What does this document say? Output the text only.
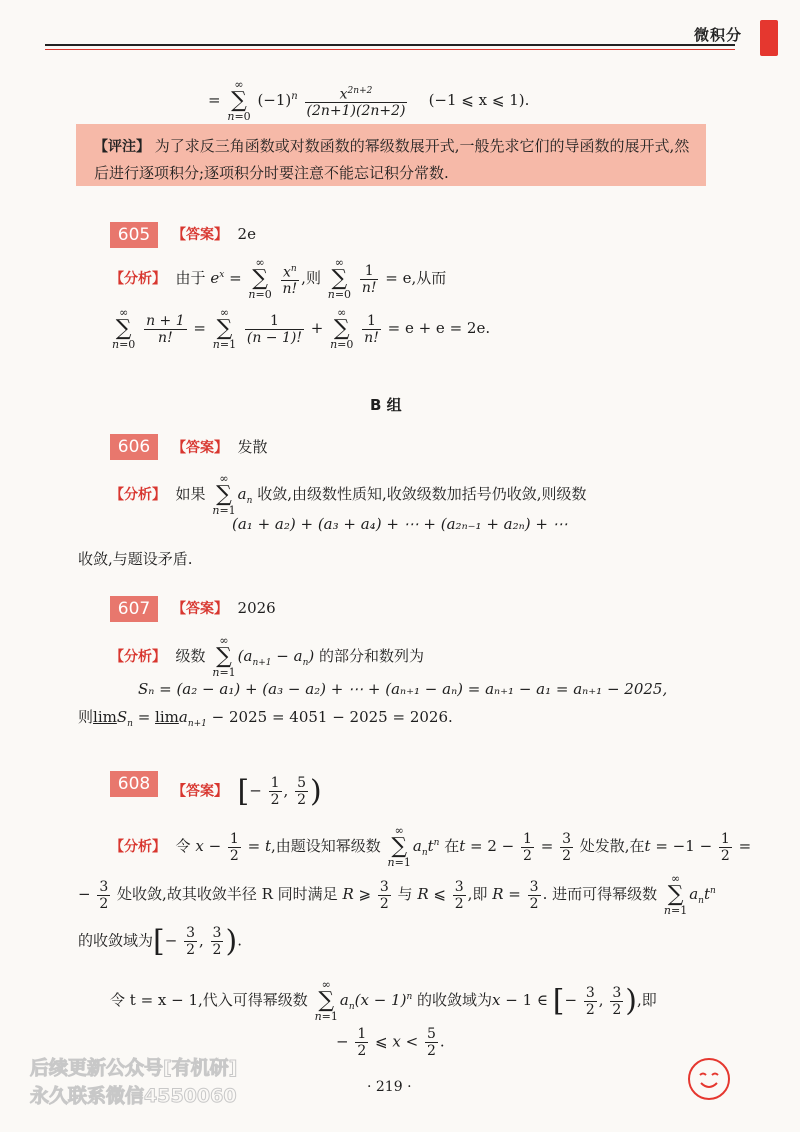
微积分
= ∞
∑
n=0 $(-1)^n \frac{x^{2n+2}}{(2n+1)(2n+2)} (-1$ ⩽ x ⩽ 1).
【评注】 为了求反三角函数或对数函数的幂级数展开式,一般先求它们的导函数的展开式,然后进行逐项积分;逐项积分时要注意不能忘记积分常数.
605	【答案】 2e
【分析】 由于 $e^x$ = ∞
∑
$n=0 \frac{x^n}{n!}$ ,则 ∞
∑
$n=0 \frac{1}{n!} = e$,从而
∞
∑
$n=0 \frac{n + 1}{n!}$ = ∞
∑
$n=1 \frac{1}{(n - 1)!}$ + ∞
∑
$n=0 \frac{1}{n!} = e + e = 2e$.
B 组
606	【答案】 发散
【分析】 如果 ∞
∑
$n=1a_n$ 收敛,由级数性质知,收敛级数加括号仍收敛,则级数
(a₁ + a₂) + (a₃ + a₄) + ⋯ + (a₂ₙ₋₁ + a₂ₙ) + ⋯
收敛,与题设矛盾.
607	【答案】 2026
【分析】 级数 ∞
∑
$n=1(a_{n+1} - a_n)$ 的部分和数列为
Sₙ = (a₂ − a₁) + (a₃ − a₂) + ⋯ + (aₙ₊₁ − aₙ) = aₙ₊₁ − a₁ = aₙ₊₁ − 2025,
则limS$_n$ = lima$_{n+1}$ − 2025 = 4051 − 2025 = 2026.
608	【答案】 [− $\frac{1}{2}$ , $\frac{5}{2}$ )
【分析】 令 $x - \frac{1}{2} = t$,由题设知幂级数 ∞
∑
$n=1a_nt^n$ 在$t = 2 - \frac{1}{2} = \frac{3}{2}$ 处发散,在$t = -1 - \frac{1}{2}$ =
− $\frac{3}{2}$ 处收敛,故其收敛半径 R 同时满足 R ⩾ $\frac{3}{2}$ 与 R ⩽ $\frac{3}{2}$ ,即 $R = \frac{3}{2}$ . 进而可得幂级数 ∞
∑
$n=1a_nt^n$
的收敛域为[− $\frac{3}{2}$ , $\frac{3}{2}$ ).
令 t = x − 1,代入可得幂级数 ∞
∑
$n=1a_n(x - 1)^n$ 的收敛域为x − 1 ∈ [− $\frac{3}{2}$ , $\frac{3}{2}$ ),即
− $\frac{1}{2}$ ⩽ $x < \frac{5}{2}$ .
后续更新公众号[有机研]
永久联系微信4550060	· 219 ·
